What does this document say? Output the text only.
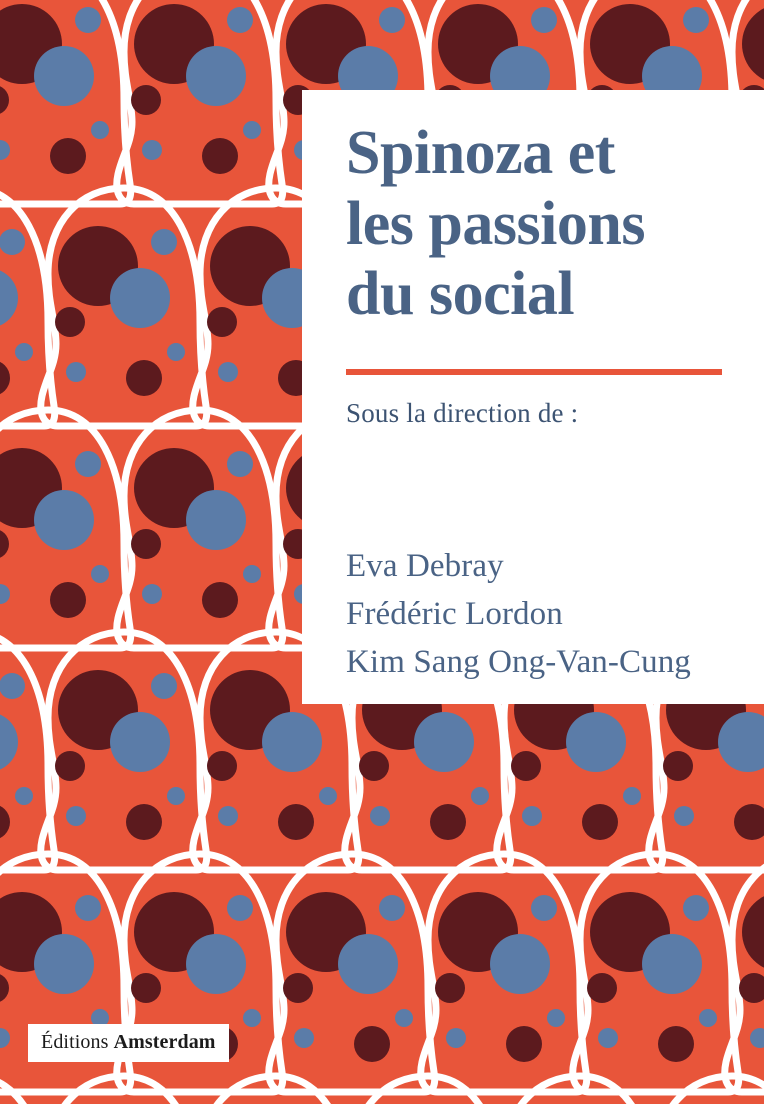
Spinoza et
les passions
du social
Sous la direction de :
Eva Debray
Frédéric Lordon
Kim Sang Ong-Van-Cung
Éditions Amsterdam
